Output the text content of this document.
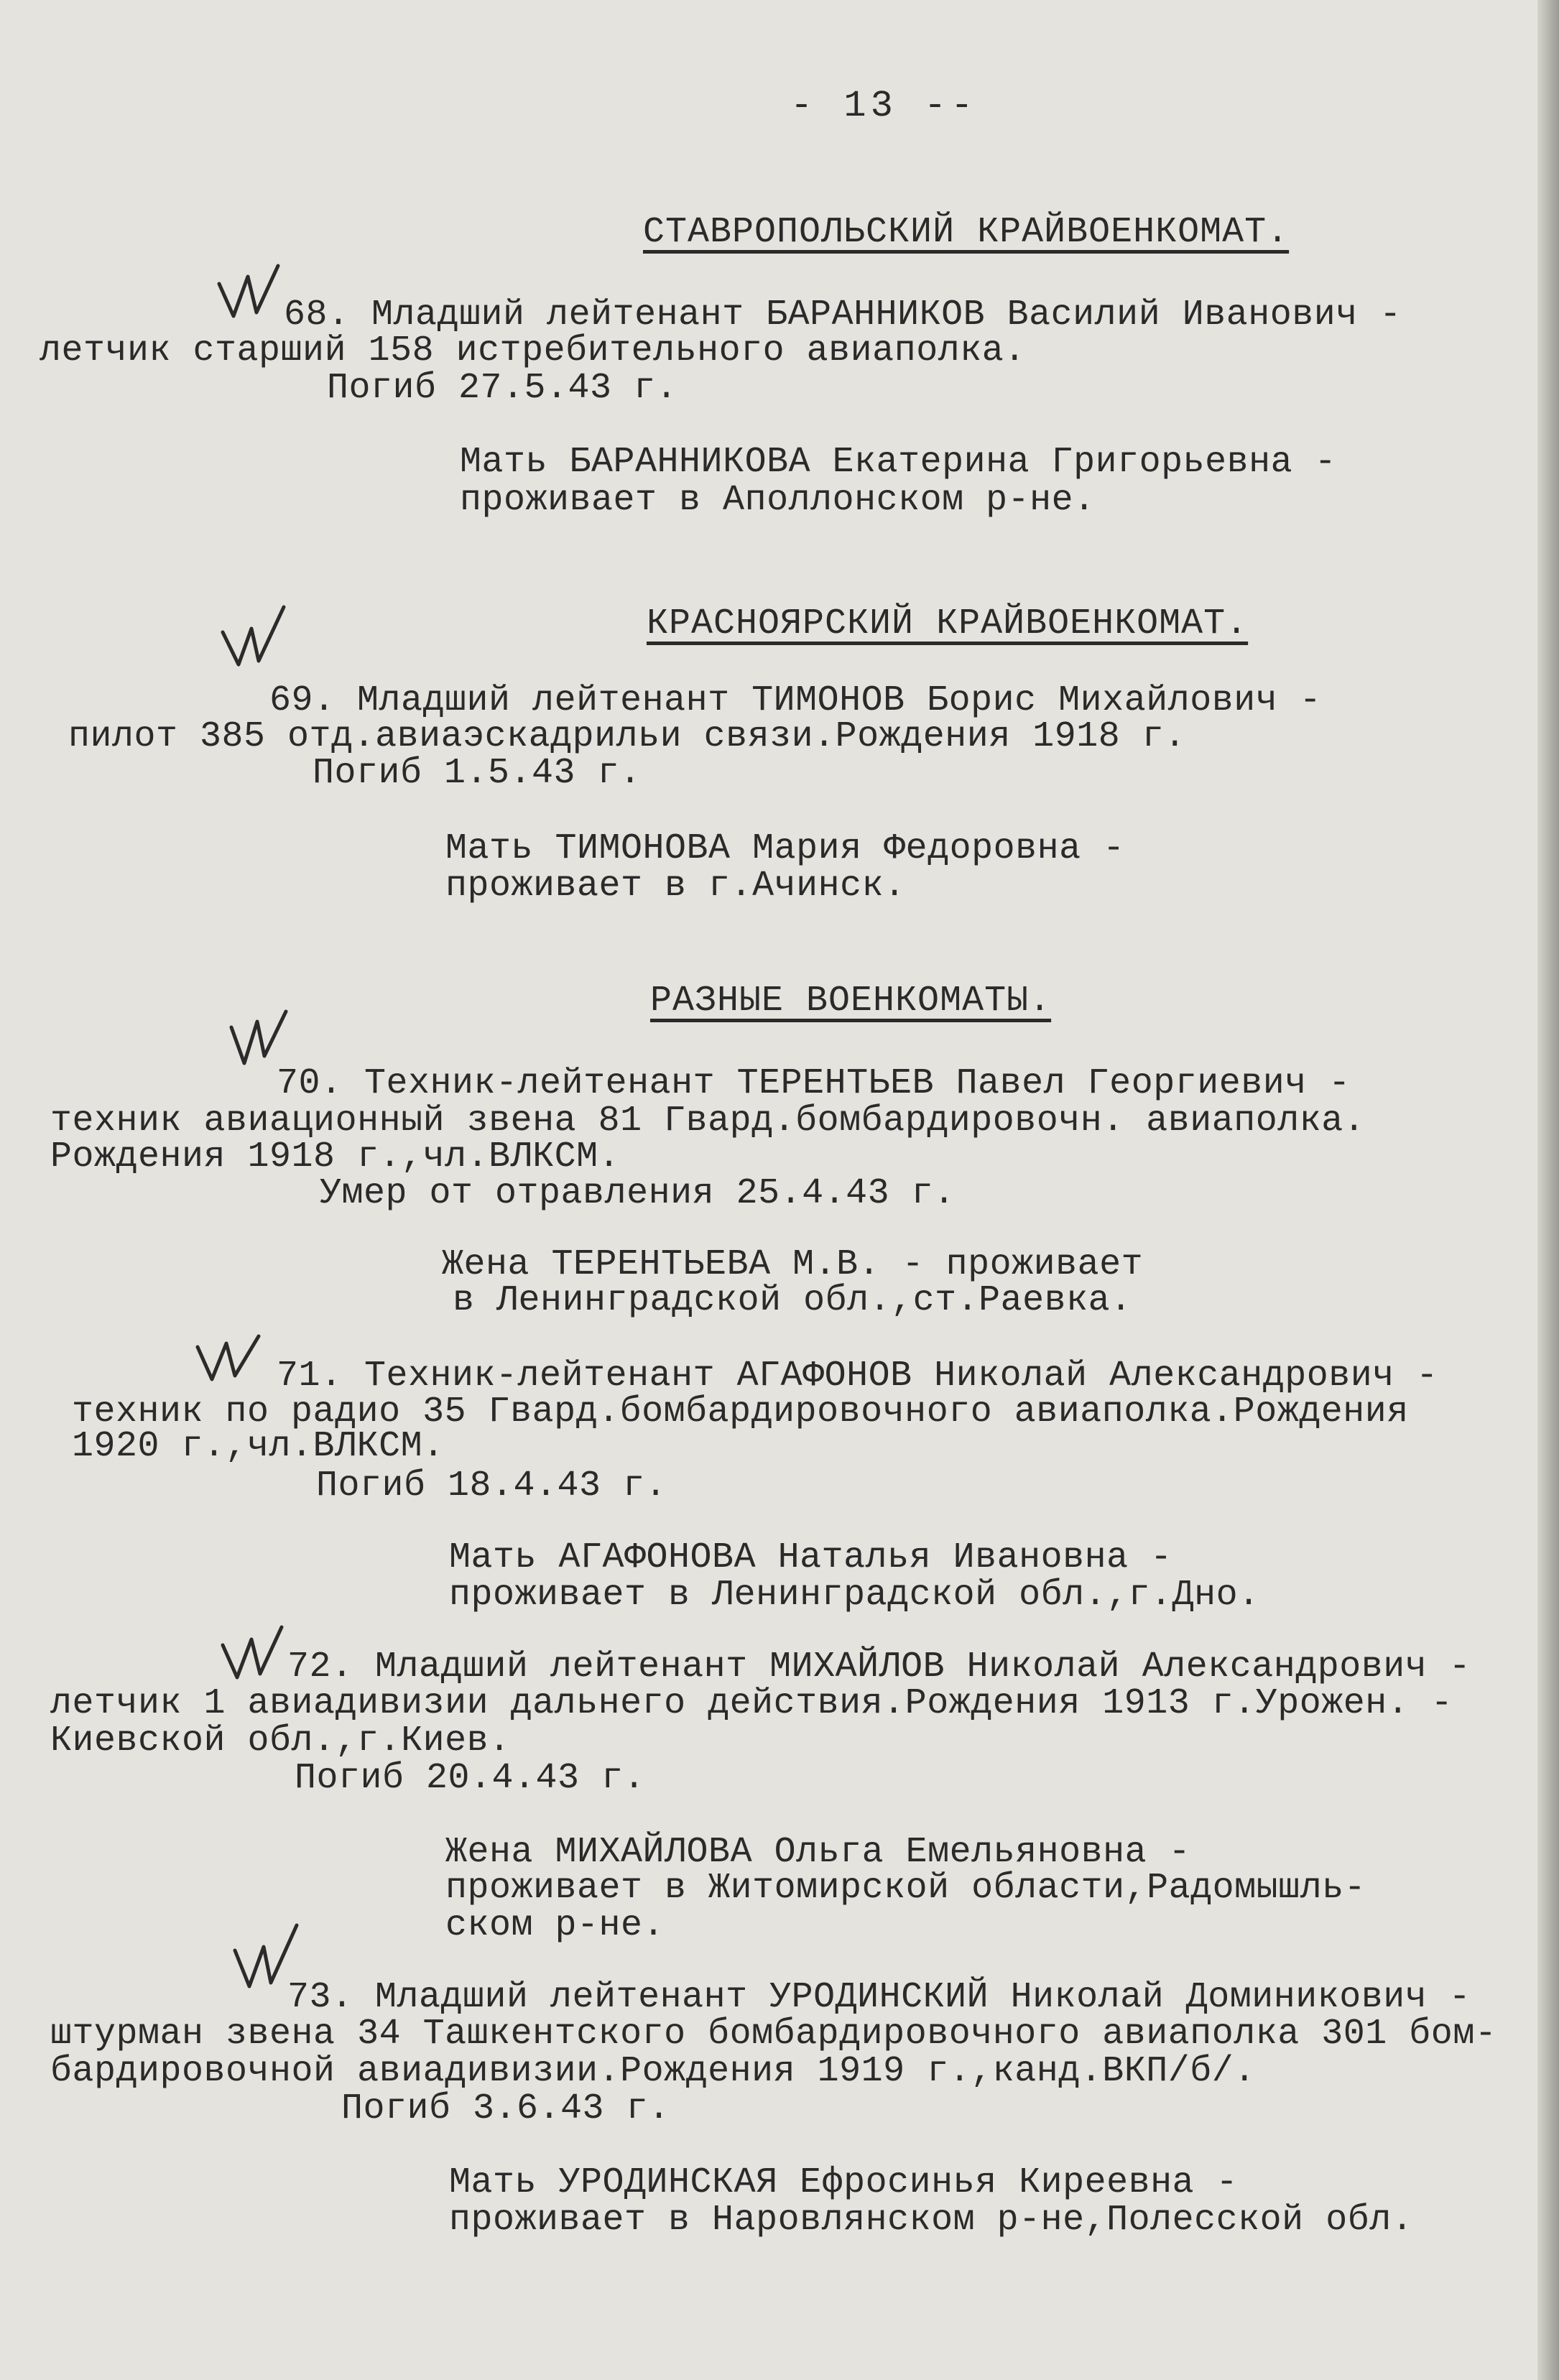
- 13 --
СТАВРОПОЛЬСКИЙ КРАЙВОЕНКОМАТ.
68. Младший лейтенант БАРАННИКОВ Василий Иванович -
летчик старший 158 истребительного авиаполка.
Погиб 27.5.43 г.
Мать БАРАННИКОВА Екатерина Григорьевна -
проживает в Аполлонском р-не.
КРАСНОЯРСКИЙ КРАЙВОЕНКОМАТ.
69. Младший лейтенант ТИМОНОВ Борис Михайлович -
пилот 385 отд.авиаэскадрильи связи.Рождения 1918 г.
Погиб 1.5.43 г.
Мать ТИМОНОВА Мария Федоровна -
проживает в г.Ачинск.
РАЗНЫЕ ВОЕНКОМАТЫ.
70. Техник-лейтенант ТЕРЕНТЬЕВ Павел Георгиевич -
техник авиационный звена 81 Гвард.бомбардировочн. авиаполка.
Рождения 1918 г.,чл.ВЛКСМ.
Умер от отравления 25.4.43 г.
Жена ТЕРЕНТЬЕВА М.В. - проживает
в Ленинградской обл.,ст.Раевка.
71. Техник-лейтенант АГАФОНОВ Николай Александрович -
техник по радио 35 Гвард.бомбардировочного авиаполка.Рождения
1920 г.,чл.ВЛКСМ.
Погиб 18.4.43 г.
Мать АГАФОНОВА Наталья Ивановна -
проживает в Ленинградской обл.,г.Дно.
72. Младший лейтенант МИХАЙЛОВ Николай Александрович -
летчик 1 авиадивизии дальнего действия.Рождения 1913 г.Урожен. -
Киевской обл.,г.Киев.
Погиб 20.4.43 г.
Жена МИХАЙЛОВА Ольга Емельяновна -
проживает в Житомирской области,Радомышль-
ском р-не.
73. Младший лейтенант УРОДИНСКИЙ Николай Доминикович -
штурман звена 34 Ташкентского бомбардировочного авиаполка 301 бом-
бардировочной авиадивизии.Рождения 1919 г.,канд.ВКП/б/.
Погиб 3.6.43 г.
Мать УРОДИНСКАЯ Ефросинья Киреевна -
проживает в Наровлянском р-не,Полесской обл.
